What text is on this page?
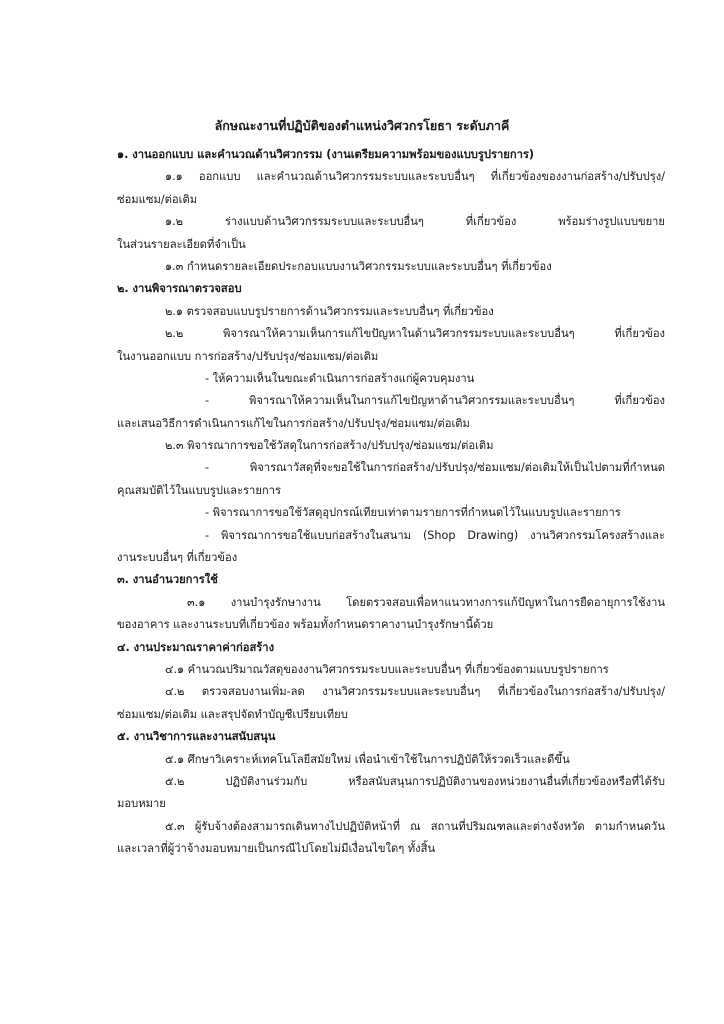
ลักษณะงานที่ปฏิบัติของตำแหน่งวิศวกรโยธา ระดับภาคี
๑. งานออกแบบ และคำนวณด้านวิศวกรรม (งานเตรียมความพร้อมของแบบรูปรายการ)
๑.๑ ออกแบบ และคำนวณด้านวิศวกรรมระบบและระบบอื่นๆ ที่เกี่ยวข้องของงานก่อสร้าง/ปรับปรุง/
ซ่อมแซม/ต่อเติม
๑.๒ ร่างแบบด้านวิศวกรรมระบบและระบบอื่นๆ ที่เกี่ยวข้อง พร้อมร่างรูปแบบขยาย
ในส่วนรายละเอียดที่จำเป็น
๑.๓ กำหนดรายละเอียดประกอบแบบงานวิศวกรรมระบบและระบบอื่นๆ ที่เกี่ยวข้อง
๒. งานพิจารณาตรวจสอบ
๒.๑ ตรวจสอบแบบรูปรายการด้านวิศวกรรมและระบบอื่นๆ ที่เกี่ยวข้อง
๒.๒ พิจารณาให้ความเห็นการแก้ไขปัญหาในด้านวิศวกรรมระบบและระบบอื่นๆ ที่เกี่ยวข้อง
ในงานออกแบบ การก่อสร้าง/ปรับปรุง/ซ่อมแซม/ต่อเติม
- ให้ความเห็นในขณะดำเนินการก่อสร้างแก่ผู้ควบคุมงาน
- พิจารณาให้ความเห็นในการแก้ไขปัญหาด้านวิศวกรรมและระบบอื่นๆ ที่เกี่ยวข้อง
และเสนอวิธีการดำเนินการแก้ไขในการก่อสร้าง/ปรับปรุง/ซ่อมแซม/ต่อเติม
๒.๓ พิจารณาการขอใช้วัสดุในการก่อสร้าง/ปรับปรุง/ซ่อมแซม/ต่อเติม
- พิจารณาวัสดุที่จะขอใช้ในการก่อสร้าง/ปรับปรุง/ซ่อมแซม/ต่อเติมให้เป็นไปตามที่กำหนด
คุณสมบัติไว้ในแบบรูปและรายการ
- พิจารณาการขอใช้วัสดุอุปกรณ์เทียบเท่าตามรายการที่กำหนดไว้ในแบบรูปและรายการ
- พิจารณาการขอใช้แบบก่อสร้างในสนาม (Shop Drawing) งานวิศวกรรมโครงสร้างและ
งานระบบอื่นๆ ที่เกี่ยวข้อง
๓. งานอำนวยการใช้
๓.๑ งานบำรุงรักษางาน โดยตรวจสอบเพื่อหาแนวทางการแก้ปัญหาในการยืดอายุการใช้งาน
ของอาคาร และงานระบบที่เกี่ยวข้อง พร้อมทั้งกำหนดราคางานบำรุงรักษานี้ด้วย
๔. งานประมาณราคาค่าก่อสร้าง
๔.๑ คำนวณปริมาณวัสดุของงานวิศวกรรมระบบและระบบอื่นๆ ที่เกี่ยวข้องตามแบบรูปรายการ
๔.๒ ตรวจสอบงานเพิ่ม-ลด งานวิศวกรรมระบบและระบบอื่นๆ ที่เกี่ยวข้องในการก่อสร้าง/ปรับปรุง/
ซ่อมแซม/ต่อเติม และสรุปจัดทำบัญชีเปรียบเทียบ
๕. งานวิชาการและงานสนับสนุน
๕.๑ ศึกษาวิเคราะห์เทคโนโลยีสมัยใหม่ เพื่อนำเข้าใช้ในการปฏิบัติให้รวดเร็วและดีขึ้น
๕.๒ ปฏิบัติงานร่วมกับ หรือสนับสนุนการปฏิบัติงานของหน่วยงานอื่นที่เกี่ยวข้องหรือที่ได้รับ
มอบหมาย
๕.๓ ผู้รับจ้างต้องสามารถเดินทางไปปฏิบัติหน้าที่ ณ สถานที่ปริมณฑลและต่างจังหวัด ตามกำหนดวัน
และเวลาที่ผู้ว่าจ้างมอบหมายเป็นกรณีไปโดยไม่มีเงื่อนไขใดๆ ทั้งสิ้น
